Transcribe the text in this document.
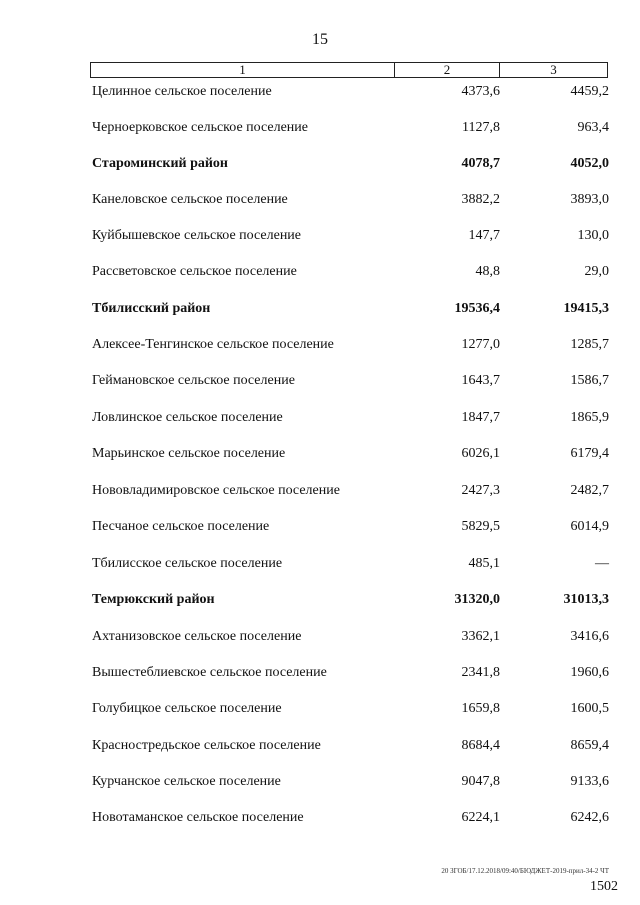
15
1	2	3
Целинное сельское поселение	4373,6	4459,2
Черноерковское сельское поселение	1127,8	963,4
Староминский район	4078,7	4052,0
Канеловское сельское поселение	3882,2	3893,0
Куйбышевское сельское поселение	147,7	130,0
Рассветовское сельское поселение	48,8	29,0
Тбилисский район	19536,4	19415,3
Алексее-Тенгинское сельское поселение	1277,0	1285,7
Геймановское сельское поселение	1643,7	1586,7
Ловлинское сельское поселение	1847,7	1865,9
Марьинское сельское поселение	6026,1	6179,4
Нововладимировское сельское поселение	2427,3	2482,7
Песчаное сельское поселение	5829,5	6014,9
Тбилисское сельское поселение	485,1	—
Темрюкский район	31320,0	31013,3
Ахтанизовское сельское поселение	3362,1	3416,6
Вышестеблиевское сельское поселение	2341,8	1960,6
Голубицкое сельское поселение	1659,8	1600,5
Красностредьское сельское поселение	8684,4	8659,4
Курчанское сельское поселение	9047,8	9133,6
Новотаманское сельское поселение	6224,1	6242,6
20 ЗГОБ/17.12.2018/09:40/БЮДЖЕТ-2019-прил-34-2 ЧТ
1502
